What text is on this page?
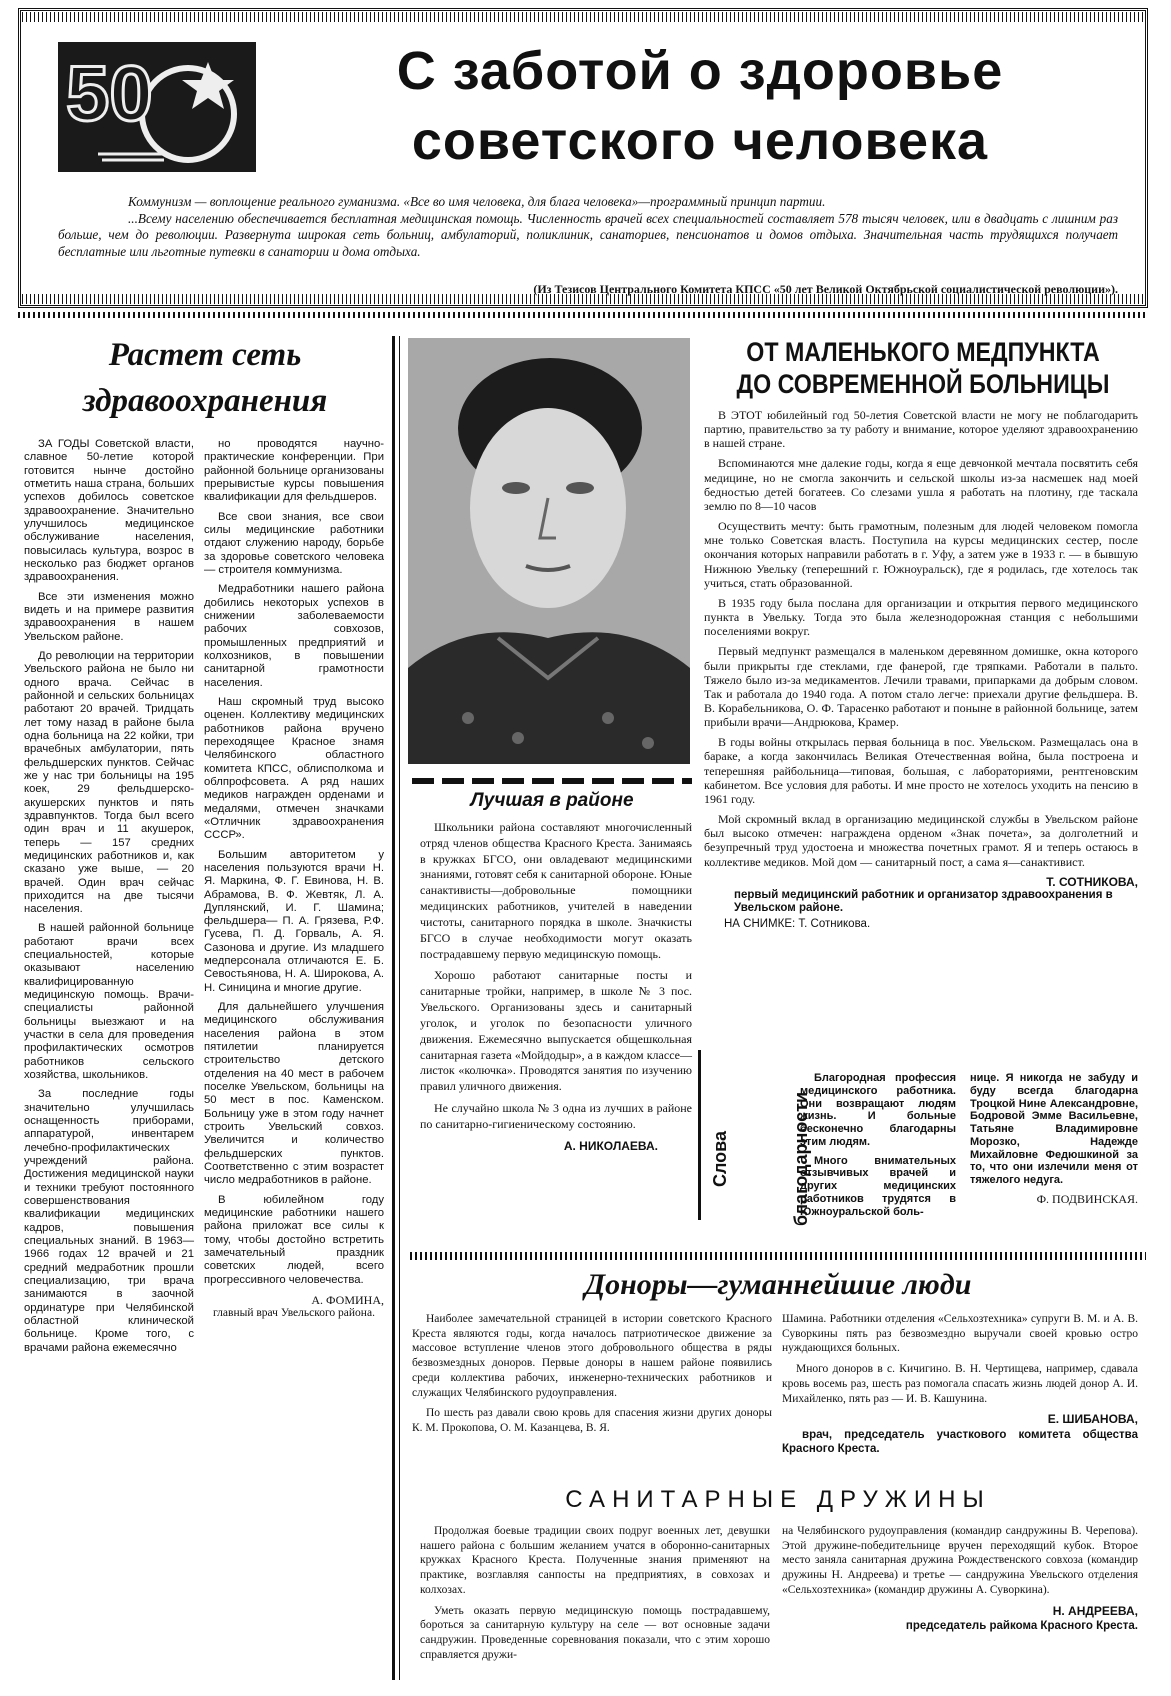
50	С заботой о здоровье
советского человека
Коммунизм — воплощение реального гуманизма. «Все во имя человека, для блага человека»—программный принцип партии.
...Всему населению обеспечивается бесплатная медицинская помощь. Численность врачей всех специальностей составляет 578 тысяч человек, или в двадцать с лишним раз больше, чем до революции. Развернута широкая сеть больниц, амбулаторий, поликлиник, санаториев, пенсионатов и домов отдыха. Значительная часть трудящихся получает бесплатные или льготные путевки в санатории и дома отдыха.
(Из Тезисов Центрального Комитета КПСС «50 лет Великой Октябрьской социалистической революции»).
Растет сеть
здравоохранения

ЗА ГОДЫ Советской власти, славное 50-летие которой готовится нынче достойно отметить наша страна, больших успехов добилось советское здравоохранение. Значительно улучшилось медицинское обслуживание населения, повысилась культура, возрос в несколько раз бюджет органов здравоохранения.

Все эти изменения можно видеть и на примере развития здравоохранения в нашем Увельском районе.

До революции на территории Увельского района не было ни одного врача. Сейчас в районной и сельских больницах работают 20 врачей. Тридцать лет тому назад в районе была одна больница на 22 койки, три врачебных амбулатории, пять фельдшерских пунктов. Сейчас же у нас три больницы на 195 коек, 29 фельдшерско-акушерских пунктов и пять здравпунктов. Тогда был всего один врач и 11 акушерок, теперь — 157 средних медицинских работников и, как сказано уже выше, — 20 врачей. Один врач сейчас приходится на две тысячи населения.

В нашей районной больнице работают врачи всех специальностей, которые оказывают населению квалифицированную медицинскую помощь. Врачи-специалисты районной больницы выезжают и на участки в села для проведения профилактических осмотров работников сельского хозяйства, школьников.

За последние годы значительно улучшилась оснащенность приборами, аппаратурой, инвентарем лечебно-профилактических учреждений района. Достижения медицинской науки и техники требуют постоянного совершенствования квалификации медицинских кадров, повышения специальных знаний. В 1963—1966 годах 12 врачей и 21 средний медработник прошли специализацию, три врача занимаются в заочной ординатуре при Челябинской областной клинической больнице. Кроме того, с врачами района ежемесячно

но проводятся научно-практические конференции. При районной больнице организованы прерывистые курсы повышения квалификации для фельдшеров.

Все свои знания, все свои силы медицинские работники отдают служению народу, борьбе за здоровье советского человека — строителя коммунизма.

Медработники нашего района добились некоторых успехов в снижении заболеваемости рабочих совхозов, промышленных предприятий и колхозников, в повышении санитарной грамотности населения.

Наш скромный труд высоко оценен. Коллективу медицинских работников района вручено переходящее Красное знамя Челябинского областного комитета КПСС, облисполкома и облпрофсовета. А ряд наших медиков награжден орденами и медалями, отмечен значками «Отличник здравоохранения СССР».

Большим авторитетом у населения пользуются врачи Н. Я. Маркина, Ф. Г. Евинова, Н. В. Абрамова, В. Ф. Жевтяк, Л. А. Дуплянский, И. Г. Шамина; фельдшера— П. А. Грязева, Р.Ф. Гусева, П. Д. Горваль, А. Я. Сазонова и другие. Из младшего медперсонала отличаются Е. Б. Севостьянова, Н. А. Широкова, А. Н. Синицина и многие другие.

Для дальнейшего улучшения медицинского обслуживания населения района в этом пятилетии планируется строительство детского отделения на 40 мест в рабочем поселке Увельском, больницы на 50 мест в пос. Каменском. Больницу уже в этом году начнет строить Увельский совхоз. Увеличится и количество фельдшерских пунктов. Соответственно с этим возрастет число медработников в районе.

В юбилейном году медицинские работники нашего района приложат все силы к тому, чтобы достойно встретить замечательный праздник советских людей, всего прогрессивного человечества.

А. ФОМИНА,
главный врач Увельского района.
Лучшая в районе

Школьники района составляют многочисленный отряд членов общества Красного Креста. Занимаясь в кружках БГСО, они овладевают медицинскими знаниями, готовят себя к санитарной обороне. Юные санактивисты—добровольные помощники медицинских работников, учителей в наведении чистоты, санитарного порядка в школе. Значкисты БГСО в случае необходимости могут оказать пострадавшему первую медицинскую помощь.

Хорошо работают санитарные посты и санитарные тройки, например, в школе № 3 пос. Увельского. Организованы здесь и санитарный уголок, и уголок по безопасности уличного движения. Ежемесячно выпускается общешкольная санитарная газета «Мойдодыр», а в каждом классе—листок «колючка». Проводятся занятия по изучению правил уличного движения.

Не случайно школа № 3 одна из лучших в районе по санитарно-гигиеническому состоянию.

А. НИКОЛАЕВА.
ОТ МАЛЕНЬКОГО МЕДПУНКТА
ДО СОВРЕМЕННОЙ БОЛЬНИЦЫ

В ЭТОТ юбилейный год 50-летия Советской власти не могу не поблагодарить партию, правительство за ту работу и внимание, которое уделяют здравоохранению в нашей стране.

Вспоминаются мне далекие годы, когда я еще девчонкой мечтала посвятить себя медицине, но не смогла закончить и сельской школы из-за насмешек над моей бедностью детей богатеев. Со слезами ушла я работать на плотину, где таскала землю по 8—10 часов

Осуществить мечту: быть грамотным, полезным для людей человеком помогла мне только Советская власть. Поступила на курсы медицинских сестер, после окончания которых направили работать в г. Уфу, а затем уже в 1933 г. — в бывшую Нижнюю Увельку (теперешний г. Южноуральск), где я родилась, где хотелось так учиться, стать образованной.

В 1935 году была послана для организации и открытия первого медицинского пункта в Увельку. Тогда это была железнодорожная станция с небольшими поселениями вокруг.

Первый медпункт размещался в маленьком деревянном домишке, окна которого были прикрыты где стеклами, где фанерой, где тряпками. Работали в пальто. Тяжело было из-за медикаментов. Лечили травами, припарками да добрым словом. Так и работала до 1940 года. А потом стало легче: приехали другие фельдшера. В. В. Корабельникова, О. Ф. Тарасенко работают и поныне в районной больнице, затем прибыли врачи—Андрюкова, Крамер.

В годы войны открылась первая больница в пос. Увельском. Размещалась она в бараке, а когда закончилась Великая Отечественная война, была построена и теперешняя райбольница—типовая, большая, с лабораториями, рентгеновским кабинетом. Все условия для работы. И мне просто не хотелось уходить на пенсию в 1961 году.

Мой скромный вклад в организацию медицинской службы в Увельском районе был высоко отмечен: награждена орденом «Знак почета», за долголетний и безупречный труд удостоена и множества почетных грамот. Я и теперь остаюсь в коллективе медиков. Мой дом — санитарный пост, а сама я—санактивист.

Т. СОТНИКОВА,
первый медицинский работник и организатор здравоохранения в Увельском районе.
НА СНИМКЕ: Т. Сотникова.
Слова	благодарности

Благородная профессия медицинского работника. Они возвращают людям жизнь. И больные бесконечно благодарны этим людям.

Много внимательных отзывчивых врачей и других медицинских работников трудятся в Южноуральской боль-

нице. Я никогда не забуду и буду всегда благодарна Троцкой Нине Александровне, Бодровой Эмме Васильевне, Татьяне Владимировне Морозко, Надежде Михайловне Федюшкиной за то, что они излечили меня от тяжелого недуга.

Ф. ПОДВИНСКАЯ.
Доноры—гуманнейшие люди

Наиболее замечательной страницей в истории советского Красного Креста являются годы, когда началось патриотическое движение за массовое вступление членов этого добровольного общества в ряды безвозмездных доноров. Первые доноры в нашем районе появились среди коллектива рабочих, инженерно-технических работников и служащих Челябинского рудоуправления.

По шесть раз давали свою кровь для спасения жизни других доноры К. М. Прокопова, О. М. Казанцева, В. Я.

Шамина. Работники отделения «Сельхозтехника» супруги В. М. и А. В. Суворкины пять раз безвозмездно выручали своей кровью остро нуждающихся больных.

Много доноров в с. Кичигино. В. Н. Чертищева, например, сдавала кровь восемь раз, шесть раз помогала спасать жизнь людей донор А. И. Михайленко, пять раз — И. В. Кашунина.

Е. ШИБАНОВА,
врач, председатель участкового комитета общества Красного Креста.
САНИТАРНЫЕ ДРУЖИНЫ

Продолжая боевые традиции своих подруг военных лет, девушки нашего района с большим желанием учатся в оборонно-санитарных кружках Красного Креста. Полученные знания применяют на практике, возглавляя санпосты на предприятиях, в совхозах и колхозах.

Уметь оказать первую медицинскую помощь пострадавшему, бороться за санитарную культуру на селе — вот основные задачи сандружин. Проведенные соревнования показали, что с этим хорошо справляется дружи-

на Челябинского рудоуправления (командир сандружины В. Черепова). Этой дружине-победительнице вручен переходящий кубок. Второе место заняла санитарная дружина Рождественского совхоза (командир дружины Н. Андреева) и третье — сандружина Увельского отделения «Сельхозтехника» (командир дружины А. Суворкина).

Н. АНДРЕЕВА,
председатель райкома Красного Креста.
